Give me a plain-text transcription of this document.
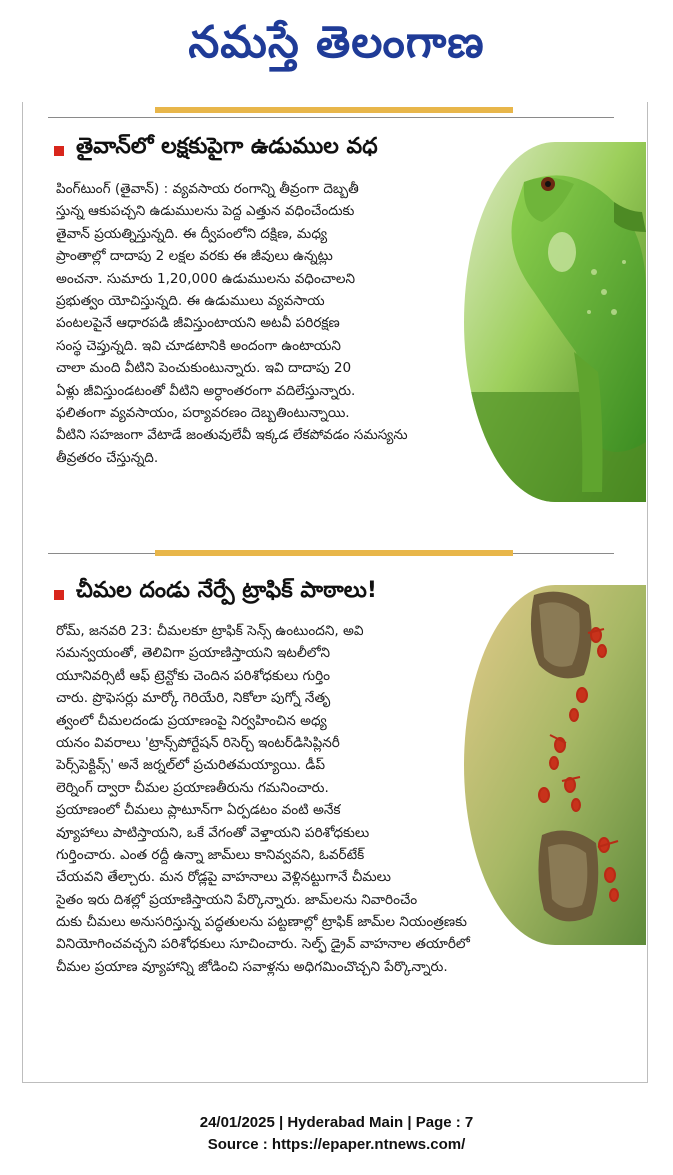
నమస్తే తెలంగాణ
తైవాన్‌లో లక్షకుపైగా ఉడుముల వధ
పింగ్‌టుంగ్ (తైవాన్) : వ్యవసాయ రంగాన్ని తీవ్రంగా దెబ్బతీ
స్తున్న ఆకుపచ్చని ఉడుములను పెద్ద ఎత్తున వధించేందుకు
తైవాన్ ప్రయత్నిస్తున్నది. ఈ ద్వీపంలోని దక్షిణ, మధ్య
ప్రాంతాల్లో దాదాపు 2 లక్షల వరకు ఈ జీవులు ఉన్నట్లు
అంచనా. సుమారు 1,20,000 ఉడుములను వధించాలని
ప్రభుత్వం యోచిస్తున్నది. ఈ ఉడుములు వ్యవసాయ
పంటలపైనే ఆధారపడి జీవిస్తుంటాయని అటవీ పరిరక్షణ
సంస్థ చెప్తున్నది. ఇవి చూడటానికి అందంగా ఉంటాయని
చాలా మంది వీటిని పెంచుకుంటున్నారు. ఇవి దాదాపు 20
ఏళ్లు జీవిస్తుండటంతో వీటిని అర్ధాంతరంగా వదిలేస్తున్నారు.
ఫలితంగా వ్యవసాయం, పర్యావరణం దెబ్బతింటున్నాయి.
వీటిని సహజంగా వేటాడే జంతువులేవీ ఇక్కడ లేకపోవడం సమస్యను
తీవ్రతరం చేస్తున్నది.
చీమల దండు నేర్పే ట్రాఫిక్ పాఠాలు!
రోమ్, జనవరి 23: చీమలకూ ట్రాఫిక్ సెన్స్ ఉంటుందని, అవి
సమన్వయంతో, తెలివిగా ప్రయాణిస్తాయని ఇటలీలోని
యూనివర్సిటీ ఆఫ్ ట్రెన్టోకు చెందిన పరిశోధకులు గుర్తిం
చారు. ప్రొఫెసర్లు మార్కో గెరియేరి, నికోలా పుగ్నో నేతృ
త్వంలో చీమలదండు ప్రయాణంపై నిర్వహించిన అధ్య
యనం వివరాలు 'ట్రాన్స్‌పోర్టేషన్ రిసెర్చ్ ఇంటర్‌డిసిప్లినరీ
పెర్స్‌పెక్టివ్స్' అనే జర్నల్‌లో ప్రచురితమయ్యాయి. డీప్
లెర్నింగ్ ద్వారా చీమల ప్రయాణతీరును గమనించారు.
ప్రయాణంలో చీమలు ప్లాటూన్‌గా ఏర్పడటం వంటి అనేక
వ్యూహాలు పాటిస్తాయని, ఒకే వేగంతో వెళ్తాయని పరిశోధకులు
గుర్తించారు. ఎంత రద్దీ ఉన్నా జామ్‌లు కానివ్వవని, ఓవర్‌టేక్
చేయవని తేల్చారు. మన రోడ్లపై వాహనాలు వెళ్లినట్టుగానే చీమలు
సైతం ఇరు దిశల్లో ప్రయాణిస్తాయని పేర్కొన్నారు. జామ్‌లను నివారించేం
దుకు చీమలు అనుసరిస్తున్న పద్ధతులను పట్టణాల్లో ట్రాఫిక్ జామ్‌ల నియంత్రణకు
వినియోగించవచ్చని పరిశోధకులు సూచించారు. సెల్ఫ్ డ్రైవ్ వాహనాల తయారీలో
చీమల ప్రయాణ వ్యూహాన్ని జోడించి సవాళ్లను అధిగమించొచ్చని పేర్కొన్నారు.
24/01/2025 | Hyderabad Main | Page : 7
Source : https://epaper.ntnews.com/
